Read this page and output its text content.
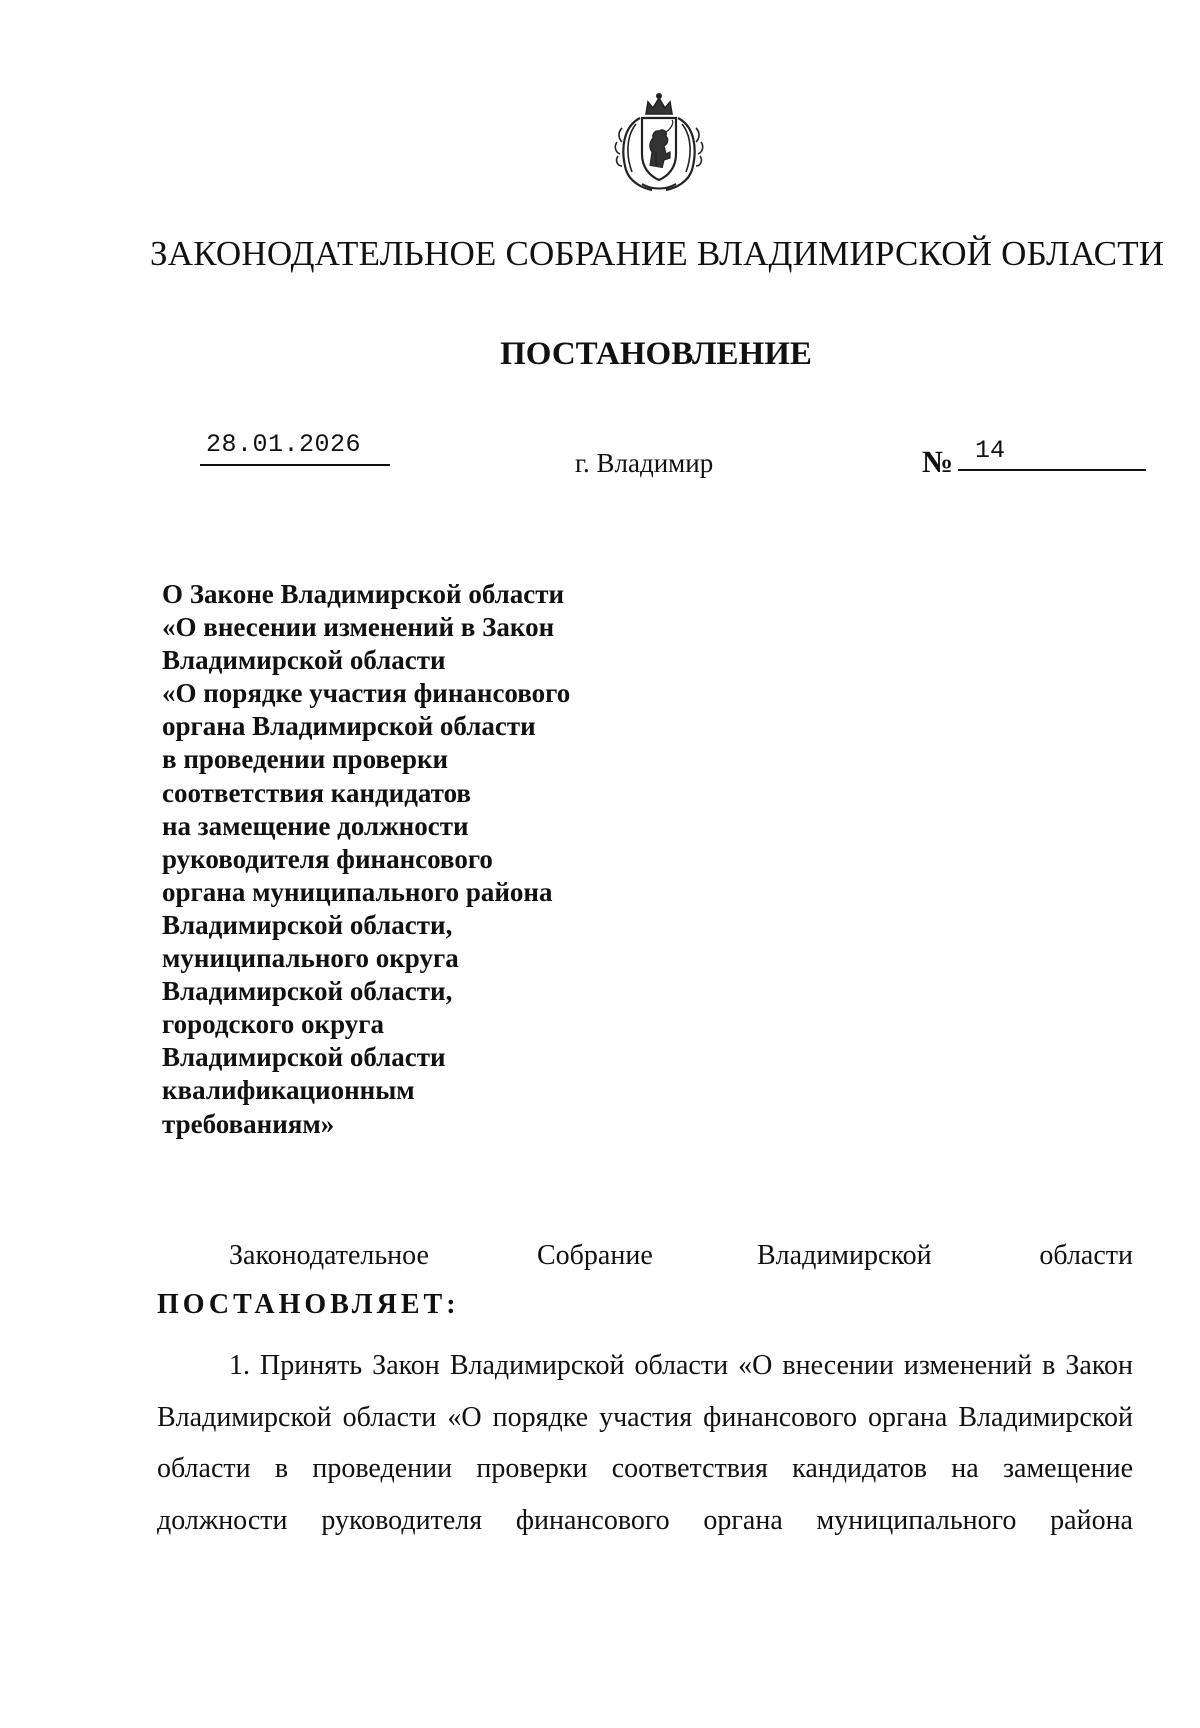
ЗАКОНОДАТЕЛЬНОЕ СОБРАНИЕ ВЛАДИМИРСКОЙ ОБЛАСТИ
ПОСТАНОВЛЕНИЕ
28.01.2026
г. Владимир	№ 14
О Законе Владимирской области
«О внесении изменений в Закон
Владимирской области
«О порядке участия финансового
органа Владимирской области
в проведении проверки
соответствия кандидатов
на замещение должности
руководителя финансового
органа муниципального района
Владимирской области,
муниципального округа
Владимирской области,
городского округа
Владимирской области
квалификационным
требованиям»
Законодательное	Собрание	Владимирской	области
ПОСТАНОВЛЯЕТ:
1. Принять Закон Владимирской области «О внесении изменений в Закон
Владимирской области «О порядке участия финансового органа Владимирской
области в проведении проверки соответствия кандидатов на замещение
должности руководителя финансового органа муниципального района
